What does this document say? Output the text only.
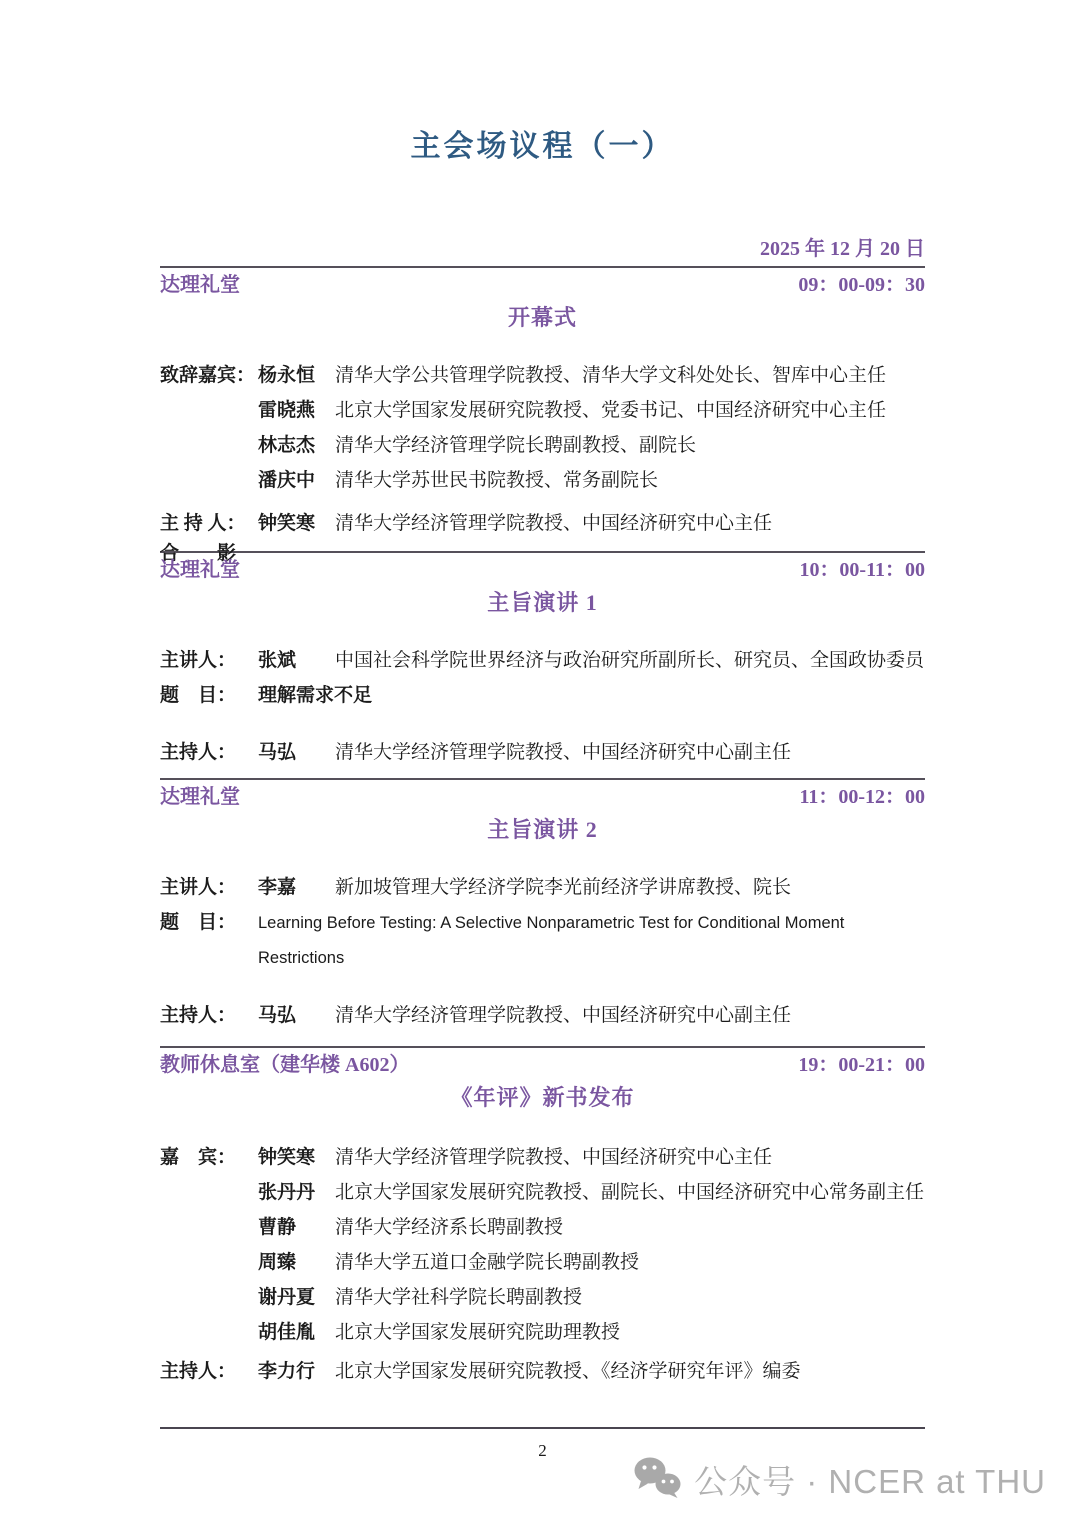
主会场议程（一）
2025 年 12 月 20 日
达理礼堂	09：00-09：30
开幕式
致辞嘉宾： 杨永恒	清华大学公共管理学院教授、清华大学文科处处长、智库中心主任
雷晓燕	北京大学国家发展研究院教授、党委书记、中国经济研究中心主任
林志杰	清华大学经济管理学院长聘副教授、副院长
潘庆中	清华大学苏世民书院教授、常务副院长
主 持 人： 钟笑寒	清华大学经济管理学院教授、中国经济研究中心主任
合　　影
达理礼堂	10：00-11：00
主旨演讲 1
主讲人：	张斌	中国社会科学院世界经济与政治研究所副所长、研究员、全国政协委员
题　目：	理解需求不足
主持人：	马弘	清华大学经济管理学院教授、中国经济研究中心副主任
达理礼堂	11：00-12：00
主旨演讲 2
主讲人：	李嘉	新加坡管理大学经济学院李光前经济学讲席教授、院长
题　目：	Learning Before Testing: A Selective Nonparametric Test for Conditional Moment Restrictions
主持人：	马弘	清华大学经济管理学院教授、中国经济研究中心副主任
教师休息室（建华楼 A602）	19：00-21：00
《年评》新书发布
嘉　宾：	钟笑寒	清华大学经济管理学院教授、中国经济研究中心主任
张丹丹	北京大学国家发展研究院教授、副院长、中国经济研究中心常务副主任
曹静	清华大学经济系长聘副教授
周臻	清华大学五道口金融学院长聘副教授
谢丹夏	清华大学社科学院长聘副教授
胡佳胤	北京大学国家发展研究院助理教授
主持人：	李力行	北京大学国家发展研究院教授、《经济学研究年评》编委
2
公众号 · NCER at THU
